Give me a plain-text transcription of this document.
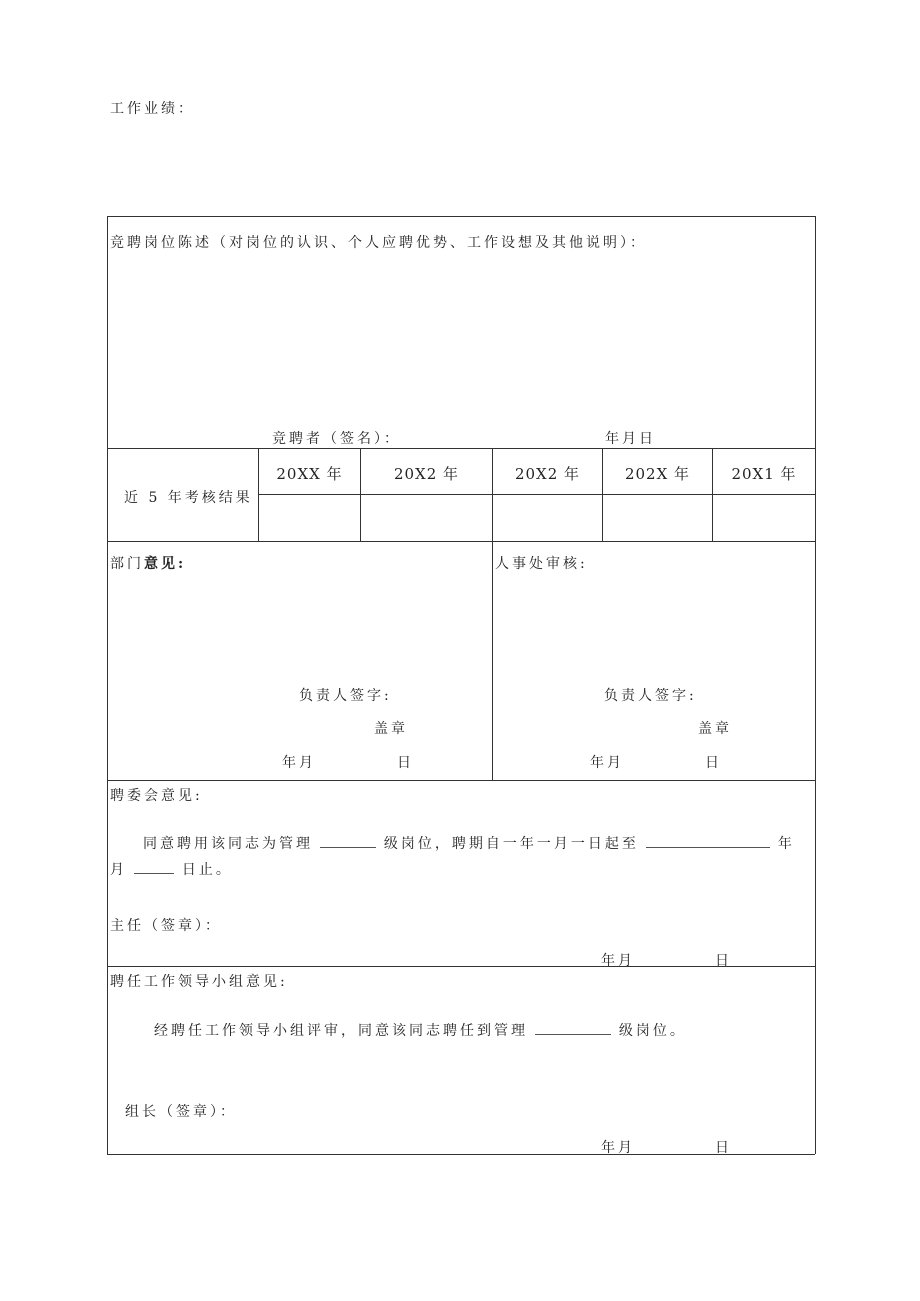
工作业绩：
竞聘岗位陈述（对岗位的认识、个人应聘优势、工作设想及其他说明）：
竞聘者（签名）：	年月日
近 5 年考核结果
20XX 年	20X2 年	20X2 年	202X 年	20X1 年
部门意见:
负责人签字:
盖章
年月	日
人事处审核:
负责人签字:
盖章
年月	日
聘委会意见:
同意聘用该同志为管理	级岗位，聘期自一年一月一日起至	年
月	日止。
主任（签章）：
年月	日
聘任工作领导小组意见:
经聘任工作领导小组评审，同意该同志聘任到管理	级岗位。
组长（签章）：
年月	日
